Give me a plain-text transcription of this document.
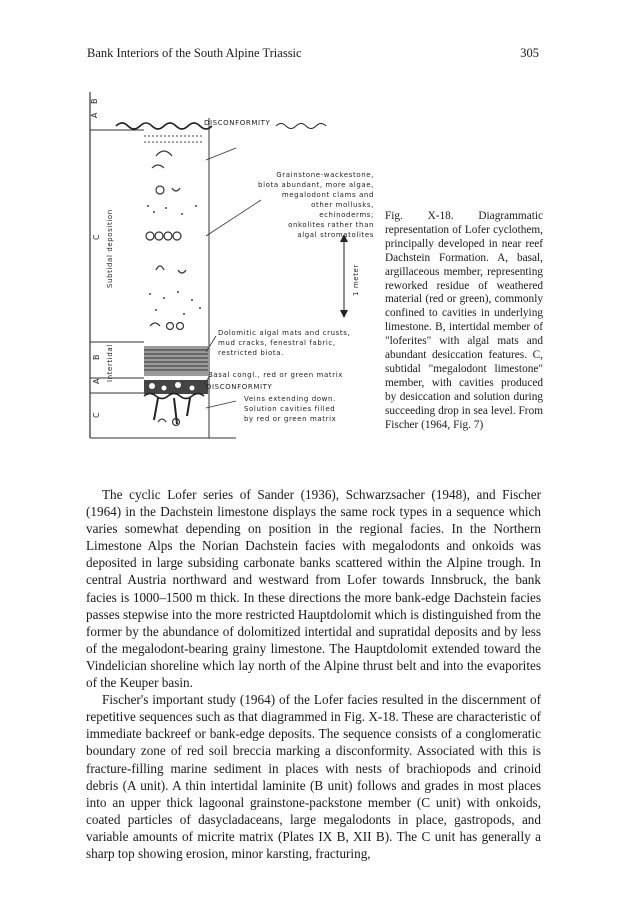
Bank Interiors of the South Alpine Triassic	305
A
B
C Subtidal deposition
B
A Intertidal
C
DISCONFORMITY
Grainstone-wackestone,
biota abundant, more algae,
megalodont clams and
other mollusks,
echinoderms;
onkolites rather than
algal stromatolites
1 meter
Dolomitic algal mats and crusts,
mud cracks, fenestral fabric,
restricted biota.
Basal congl., red or green matrix
DISCONFORMITY
Veins extending down.
Solution cavities filled
by red or green matrix
Fig. X-18. Diagrammatic representation of Lofer cyclothem, principally developed in near reef Dachstein Formation. A, basal, argillaceous member, representing reworked residue of weathered material (red or green), commonly confined to cavities in underlying limestone. B, intertidal member of "loferites" with algal mats and abundant desiccation features. C, subtidal "megalodont limestone" member, with cavities produced by desiccation and solution during succeeding drop in sea level. From Fischer (1964, Fig. 7)

The cyclic Lofer series of Sander (1936), Schwarzsacher (1948), and Fischer (1964) in the Dachstein limestone displays the same rock types in a sequence which varies somewhat depending on position in the regional facies. In the Northern Limestone Alps the Norian Dachstein facies with megalodonts and onkoids was deposited in large subsiding carbonate banks scattered within the Alpine trough. In central Austria northward and westward from Lofer towards Innsbruck, the bank facies is 1000–1500 m thick. In these directions the more bank-edge Dachstein facies passes stepwise into the more restricted Hauptdolomit which is distinguished from the former by the abundance of dolomitized intertidal and supratidal deposits and by less of the megalodont-bearing grainy limestone. The Hauptdolomit extended toward the Vindelician shoreline which lay north of the Alpine thrust belt and into the evaporites of the Keuper basin.

Fischer's important study (1964) of the Lofer facies resulted in the discernment of repetitive sequences such as that diagrammed in Fig. X-18. These are characteristic of immediate backreef or bank-edge deposits. The sequence consists of a conglomeratic boundary zone of red soil breccia marking a disconformity. Associated with this is fracture-filling marine sediment in places with nests of brachiopods and crinoid debris (A unit). A thin intertidal laminite (B unit) follows and grades in most places into an upper thick lagoonal grainstone-packstone member (C unit) with onkoids, coated particles of dasycladaceans, large megalodonts in place, gastropods, and variable amounts of micrite matrix (Plates IX B, XII B). The C unit has generally a sharp top showing erosion, minor karsting, fracturing,
